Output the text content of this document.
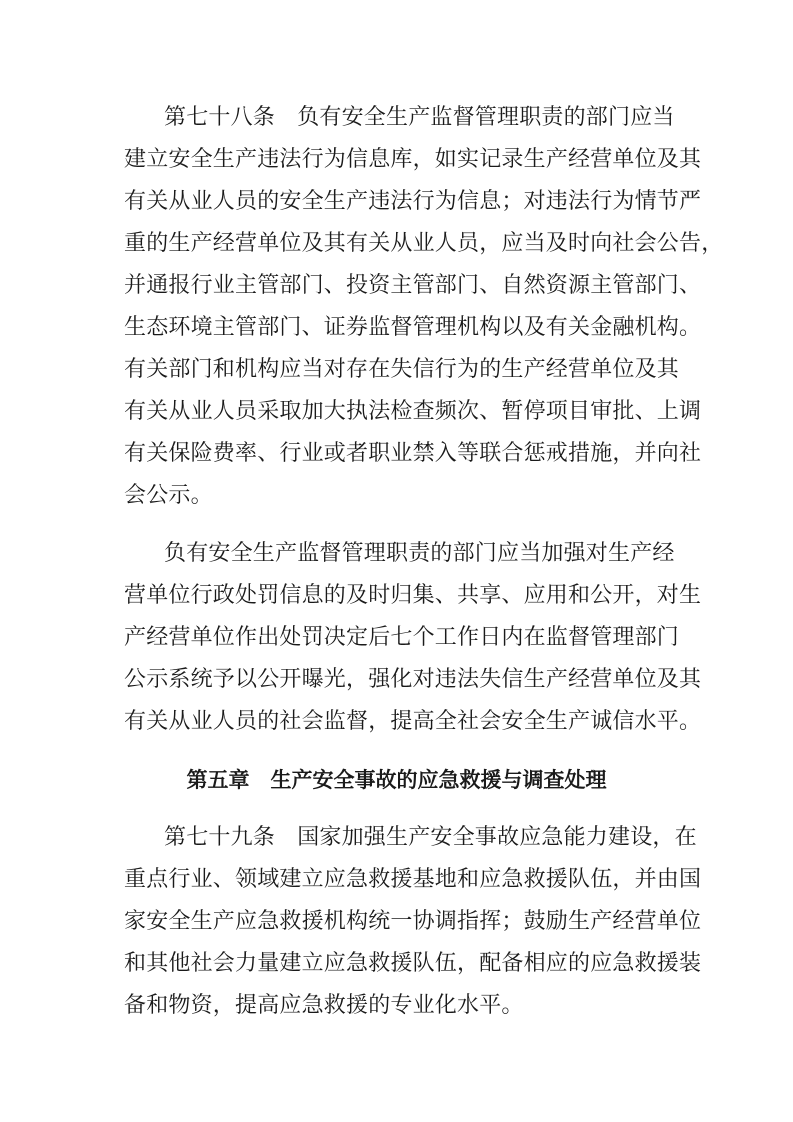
第七十八条　负有安全生产监督管理职责的部门应当
建立安全生产违法行为信息库，如实记录生产经营单位及其
有关从业人员的安全生产违法行为信息；对违法行为情节严
重的生产经营单位及其有关从业人员，应当及时向社会公告，
并通报行业主管部门、投资主管部门、自然资源主管部门、
生态环境主管部门、证券监督管理机构以及有关金融机构。
有关部门和机构应当对存在失信行为的生产经营单位及其
有关从业人员采取加大执法检查频次、暂停项目审批、上调
有关保险费率、行业或者职业禁入等联合惩戒措施，并向社
会公示。
负有安全生产监督管理职责的部门应当加强对生产经
营单位行政处罚信息的及时归集、共享、应用和公开，对生
产经营单位作出处罚决定后七个工作日内在监督管理部门
公示系统予以公开曝光，强化对违法失信生产经营单位及其
有关从业人员的社会监督，提高全社会安全生产诚信水平。
第五章　生产安全事故的应急救援与调查处理
第七十九条　国家加强生产安全事故应急能力建设，在
重点行业、领域建立应急救援基地和应急救援队伍，并由国
家安全生产应急救援机构统一协调指挥；鼓励生产经营单位
和其他社会力量建立应急救援队伍，配备相应的应急救援装
备和物资，提高应急救援的专业化水平。
